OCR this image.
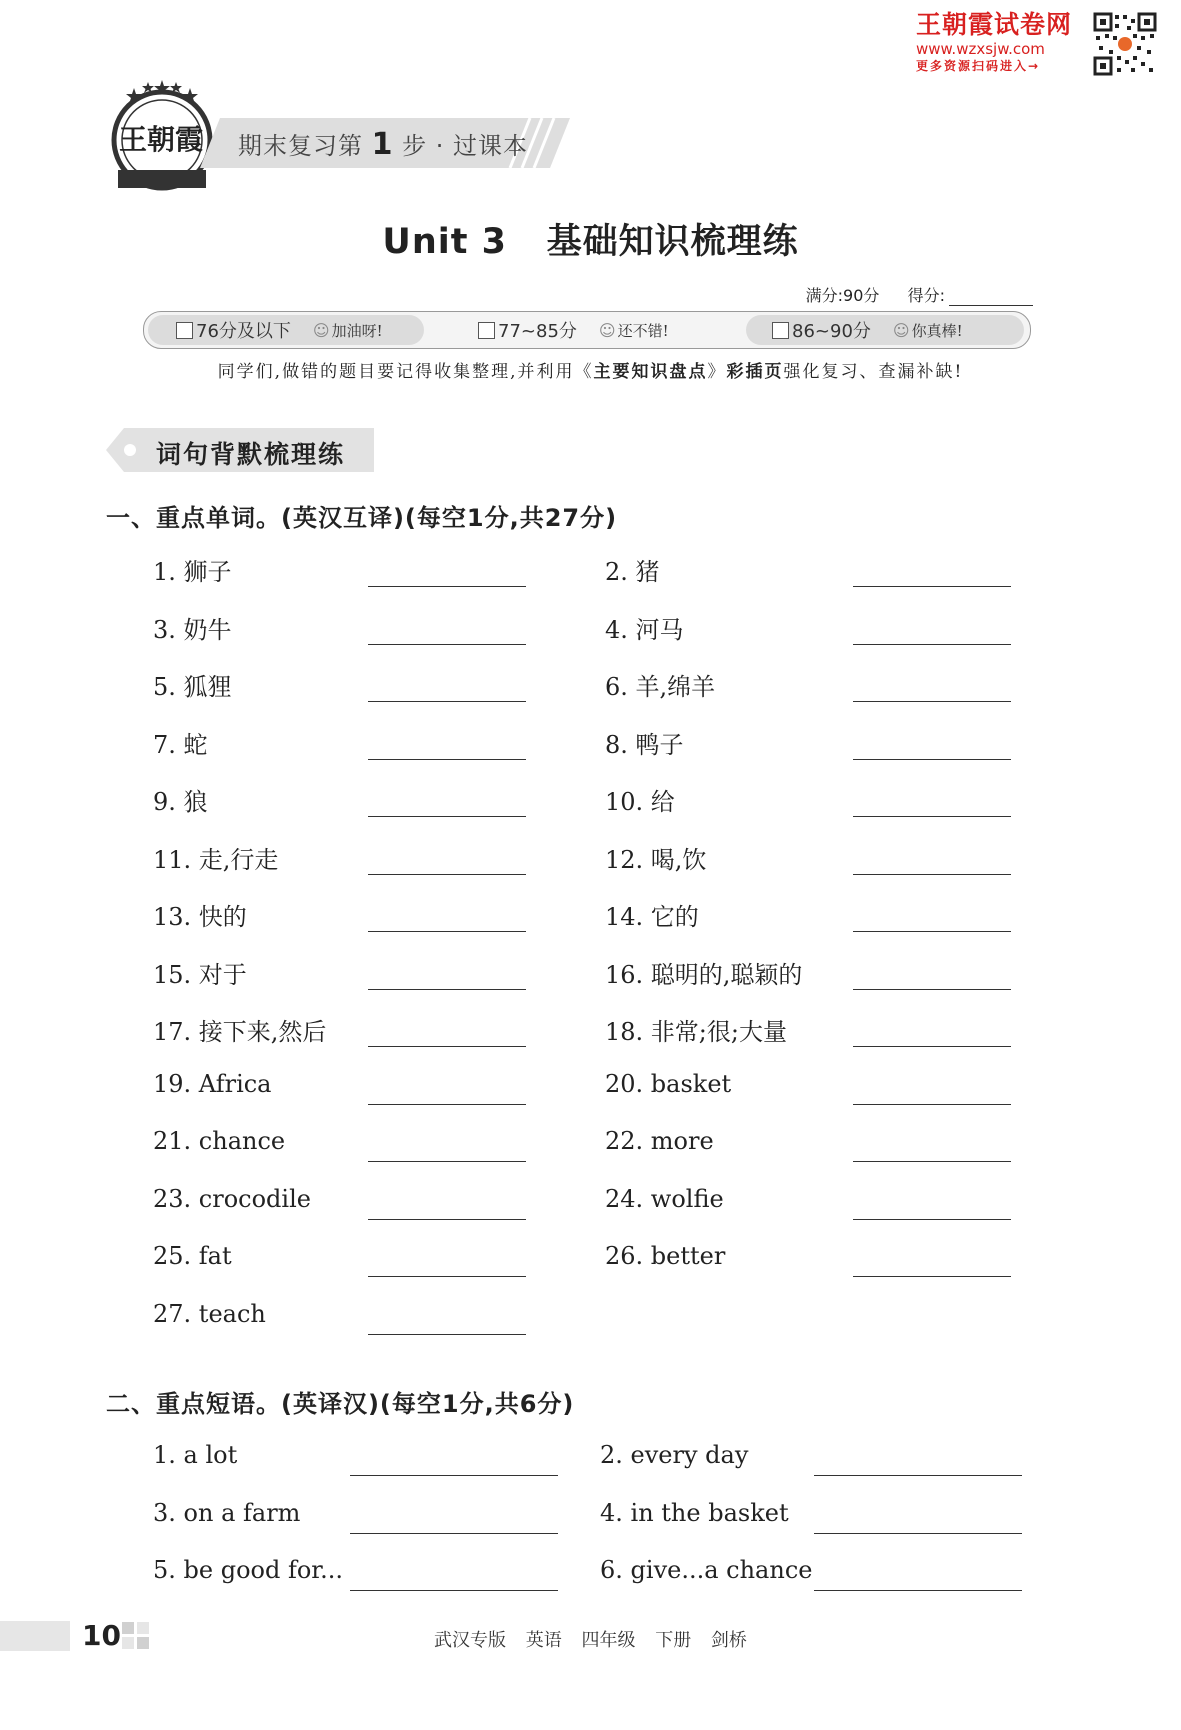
王朝霞试卷网
www.wzxsjw.com
更多资源扫码进入→
王朝霞 期末复习第 1 步 · 过课本
Unit 3   基础知识梳理练
满分:90分 得分:
76分及以下 ☺ 加油呀!	77~85分 ☺ 还不错!	86~90分 ☺ 你真棒!
同学们,做错的题目要记得收集整理,并利用《主要知识盘点》彩插页强化复习、查漏补缺!
词句背默梳理练
一、重点单词。(英汉互译)(每空1分,共27分)
1. 狮子	2. 猪
3. 奶牛	4. 河马
5. 狐狸	6. 羊,绵羊
7. 蛇	8. 鸭子
9. 狼	10. 给
11. 走,行走	12. 喝,饮
13. 快的	14. 它的
15. 对于	16. 聪明的,聪颖的
17. 接下来,然后	18. 非常;很;大量
19. Africa	20. basket
21. chance	22. more
23. crocodile	24. wolfie
25. fat	26. better
27. teach
二、重点短语。(英译汉)(每空1分,共6分)
1. a lot	2. every day
3. on a farm	4. in the basket
5. be good for...	6. give...a chance
10	武汉专版 英语 四年级 下册 剑桥
